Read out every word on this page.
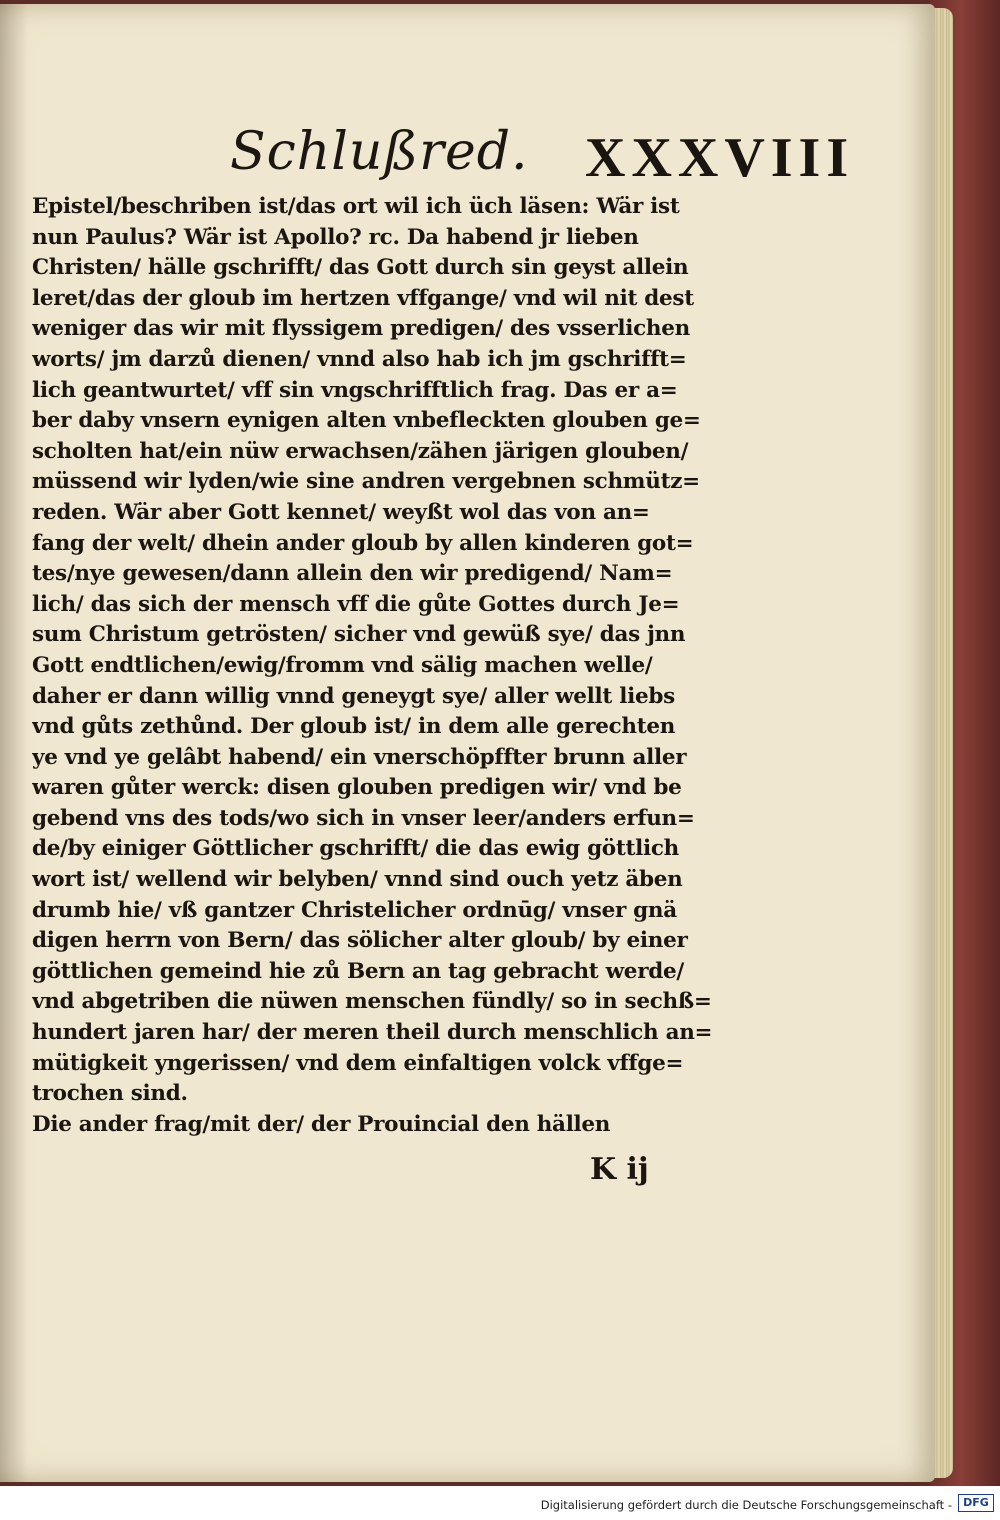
Schlußred. XXXVIII
Epistel/beschriben ist/das ort wil ich üch läsen: Wär ist
nun Paulus? Wär ist Apollo? rc. Da habend jr lieben
Christen/ hälle gschrifft/ das Gott durch sin geyst allein
leret/das der gloub im hertzen vffgange/ vnd wil nit dest
weniger das wir mit flyssigem predigen/ des vsserlichen
worts/ jm darzů dienen/ vnnd also hab ich jm gschrifft=
lich geantwurtet/ vff sin vngschrifftlich frag. Das er a=
ber daby vnsern eynigen alten vnbefleckten glouben ge=
scholten hat/ein nüw erwachsen/zähen järigen glouben/
müssend wir lyden/wie sine andren vergebnen schmütz=
reden. Wär aber Gott kennet/ weyßt wol das von an=
fang der welt/ dhein ander gloub by allen kinderen got=
tes/nye gewesen/dann allein den wir predigend/ Nam=
lich/ das sich der mensch vff die gůte Gottes durch Je=
sum Christum getrösten/ sicher vnd gewüß sye/ das jnn
Gott endtlichen/ewig/fromm vnd sälig machen welle/
daher er dann willig vnnd geneygt sye/ aller wellt liebs
vnd gůts zethůnd. Der gloub ist/ in dem alle gerechten
ye vnd ye gelâbt habend/ ein vnerschöpffter brunn aller
waren gůter werck: disen glouben predigen wir/ vnd be
gebend vns des tods/wo sich in vnser leer/anders erfun=
de/by einiger Göttlicher gschrifft/ die das ewig göttlich
wort ist/ wellend wir belyben/ vnnd sind ouch yetz äben
drumb hie/ vß gantzer Christelicher ordnūg/ vnser gnä
digen herrn von Bern/ das sölicher alter gloub/ by einer
göttlichen gemeind hie zů Bern an tag gebracht werde/
vnd abgetriben die nüwen menschen fündly/ so in sechß=
hundert jaren har/ der meren theil durch menschlich an=
mütigkeit yngerissen/ vnd dem einfaltigen volck vffge=
trochen sind.
Die ander frag/mit der/ der Prouincial den hällen
K ij
Digitalisierung gefördert durch die Deutsche Forschungsgemeinschaft -	DFG
